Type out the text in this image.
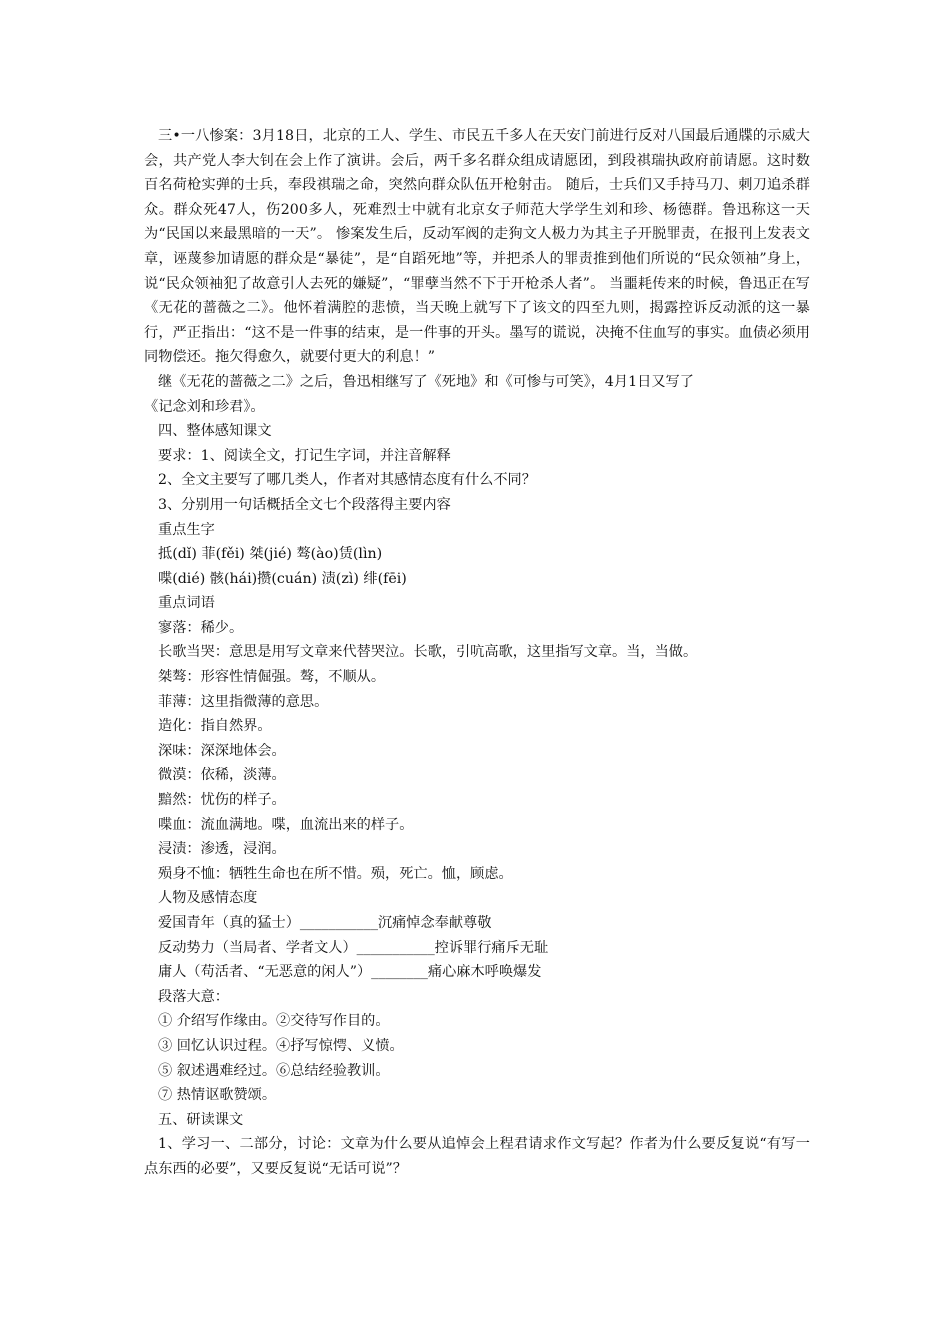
三•一八惨案：3月18日，北京的工人、学生、市民五千多人在天安门前进行反对八国最后通牒的示威大会，共产党人李大钊在会上作了演讲。会后，两千多名群众组成请愿团，到段祺瑞执政府前请愿。这时数百名荷枪实弹的士兵，奉段祺瑞之命，突然向群众队伍开枪射击。 随后，士兵们又手持马刀、刺刀追杀群众。群众死47人，伤200多人，死难烈士中就有北京女子师范大学学生刘和珍、杨德群。鲁迅称这一天为“民国以来最黑暗的一天”。 惨案发生后，反动军阀的走狗文人极力为其主子开脱罪责，在报刊上发表文章，诬蔑参加请愿的群众是“暴徒”，是“自蹈死地”等，并把杀人的罪责推到他们所说的“民众领袖”身上，说“民众领袖犯了故意引人去死的嫌疑”，“罪孽当然不下于开枪杀人者”。 当噩耗传来的时候，鲁迅正在写《无花的蔷薇之二》。他怀着满腔的悲愤，当天晚上就写下了该文的四至九则，揭露控诉反动派的这一暴行，严正指出：“这不是一件事的结束，是一件事的开头。墨写的谎说，决掩不住血写的事实。血债必须用同物偿还。拖欠得愈久，就要付更大的利息！”

继《无花的蔷薇之二》之后，鲁迅相继写了《死地》和《可惨与可笑》，4月1日又写了

《记念刘和珍君》。

四、整体感知课文

要求：1、阅读全文，打记生字词，并注音解释

2、全文主要写了哪几类人，作者对其感情态度有什么不同？

3、分别用一句话概括全文七个段落得主要内容

重点生字

抵(dǐ) 菲(fěi) 桀(jié) 骜(ào)赁(lìn)

喋(dié) 骸(hái)攒(cuán) 渍(zì) 绯(fēi)

重点词语

寥落：稀少。

长歌当哭：意思是用写文章来代替哭泣。长歌，引吭高歌，这里指写文章。当，当做。

桀骜：形容性情倔强。骜，不顺从。

菲薄：这里指微薄的意思。

造化：指自然界。

深味：深深地体会。

微漠：依稀，淡薄。

黯然：忧伤的样子。

喋血：流血满地。喋，血流出来的样子。

浸渍：渗透，浸润。

殒身不恤：牺牲生命也在所不惜。殒，死亡。恤，顾虑。

人物及感情态度

爱国青年（真的猛士）___________沉痛悼念奉献尊敬

反动势力（当局者、学者文人）___________控诉罪行痛斥无耻

庸人（苟活者、“无恶意的闲人”）________痛心麻木呼唤爆发

段落大意：

① 介绍写作缘由。②交待写作目的。

③ 回忆认识过程。④抒写惊愕、义愤。

⑤ 叙述遇难经过。⑥总结经验教训。

⑦ 热情讴歌赞颂。

五、研读课文

1、学习一、二部分，讨论：文章为什么要从追悼会上程君请求作文写起？作者为什么要反复说“有写一点东西的必要”，又要反复说“无话可说”？
